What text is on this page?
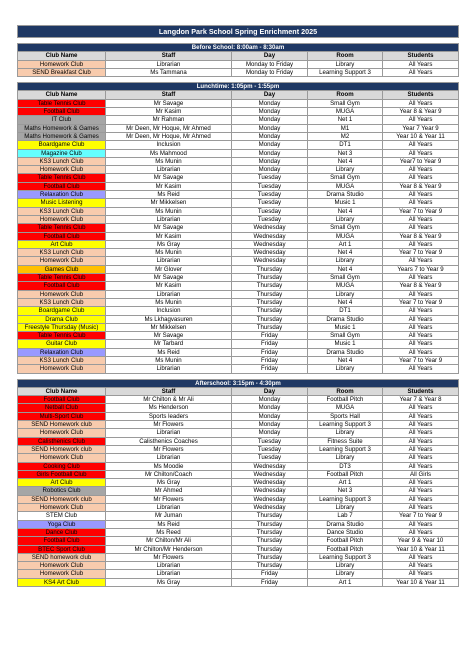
Langdon Park School Spring Enrichment 2025				

Before School: 8:00am - 8:30am				
Club Name	Staff	Day	Room	Students
Homework Club	Librarian	Monday to Friday	Library	All Years
SEND Breakfast Club	Ms Tammana	Monday to Friday	Learning Support 3	All Years

Lunchtime: 1:05pm - 1:55pm				
Club Name	Staff	Day	Room	Students
Table Tennis Club	Mr Savage	Monday	Small Gym	All Years
Football Club	Mr Kasim	Monday	MUGA	Year 8 & Year 9
IT Club	Mr Rahman	Monday	Net 1	All Years
Maths Homework & Games	Mr Deen, Mr Hoque, Mr Ahmed	Monday	M1	Year 7 Year 9
Maths Homework & Games	Mr Deen, Mr Hoque, Mr Ahmed	Monday	M2	Year 10 & Year 11
Boardgame Club	Inclusion	Monday	DT1	All Years
Magazine Club	Ms Mahmood	Monday	Net 3	All Years
KS3 Lunch Club	Ms Munin	Monday	Net 4	Year7 to Year 9
Homework Club	Librarian	Monday	Library	All Years
Table Tennis Club	Mr Savage	Tuesday	Small Gym	All Years
Football Club	Mr Kasim	Tuesday	MUGA	Year 8 & Year 9
Relaxation Club	Ms Reid	Tuesday	Drama Studio	All Years
Music Listening	Mr Mikkelsen	Tuesday	Music 1	All Years
KS3 Lunch Club	Ms Munin	Tuesday	Net 4	Year 7 to Year 9
Homework Club	Librarian	Tuesday	Library	All Years
Table Tennis Club	Mr Savage	Wednesday	Small Gym	All Years
Football Club	Mr Kasim	Wednesday	MUGA	Year 8 & Year 9
Art Club	Ms Gray	Wednesday	Art 1	All Years
KS3 Lunch Club	Ms Munin	Wednesday	Net 4	Year 7 to Year 9
Homework Club	Librarian	Wednesday	Library	All Years
Games Club	Mr Glover	Thursday	Net 4	Years 7 to Year 9
Table Tennis Club	Mr Savage	Thursday	Small Gym	All Years
Football Club	Mr Kasim	Thursday	MUGA	Year 8 & Year 9
Homework Club	Librarian	Thursday	Library	All Years
KS3 Lunch Club	Ms Munin	Thursday	Net 4	Year 7 to Year 9
Boardgame Club	Inclusion	Thursday	DT1	All Years
Drama Club	Ms Lkhagvasuren	Thursday	Drama Studio	All Years
Freestyle Thursday (Music)	Mr Mikkelsen	Thursday	Music 1	All Years
Table Tennis Club	Mr Savage	Friday	Small Gym	All Years
Guitar Club	Mr Tarbard	Friday	Music 1	All Years
Relaxation Club	Ms Reid	Friday	Drama Studio	All Years
KS3 Lunch Club	Ms Munin	Friday	Net 4	Year 7 to Year 9
Homework Club	Librarian	Friday	Library	All Years

Afterschool: 3:15pm - 4:30pm				
Club Name	Staff	Day	Room	Students
Football Club	Mr Chilton & Mr Ali	Monday	Football Pitch	Year 7 & Year 8
Netball Club	Ms Henderson	Monday	MUGA	All Years
Multi-Sport Club	Sports leaders	Monday	Sports Hall	All Years
SEND Homework club	Mr Flowers	Monday	Learning Support 3	All Years
Homework Club	Librarian	Monday	Library	All Years
Calisthenics Club	Calisthenics Coaches	Tuesday	Fitness Suite	All Years
SEND Homework club	Mr Flowers	Tuesday	Learning Support 3	All Years
Homework Club	Librarian	Tuesday	Library	All Years
Cooking Club	Ms Moodie	Wednesday	DT3	All Years
Girls Football Club	Mr Chilton/Coach	Wednesday	Football Pitch	All Girls
Art Club	Ms Gray	Wednesday	Art 1	All Years
Robotics Club	Mr Ahmed	Wednesday	Net 3	All Years
SEND Homework club	Mr Flowers	Wednesday	Learning Support 3	All Years
Homework Club	Librarian	Wednesday	Library	All Years
STEM Club	Mr Juman	Thursday	Lab 7	Year 7 to Year 9
Yoga Club	Ms Reid	Thursday	Drama Studio	All Years
Dance Club	Ms Reed	Thursday	Dance Studio	All Years
Football Club	Mr Chilton/Mr Ali	Thursday	Football Pitch	Year 9 & Year 10
BTEC Sport Club	Mr Chilton/Mr Henderson	Thursday	Football Pitch	Year 10 & Year 11
SEND homework club	Mr Flowers	Thursday	Learning Support 3	All Years
Homework Club	Librarian	Thursday	Library	All Years
Homework Club	Librarian	Friday	Library	All Years
KS4 Art Club	Ms Gray	Friday	Art 1	Year 10 & Year 11
